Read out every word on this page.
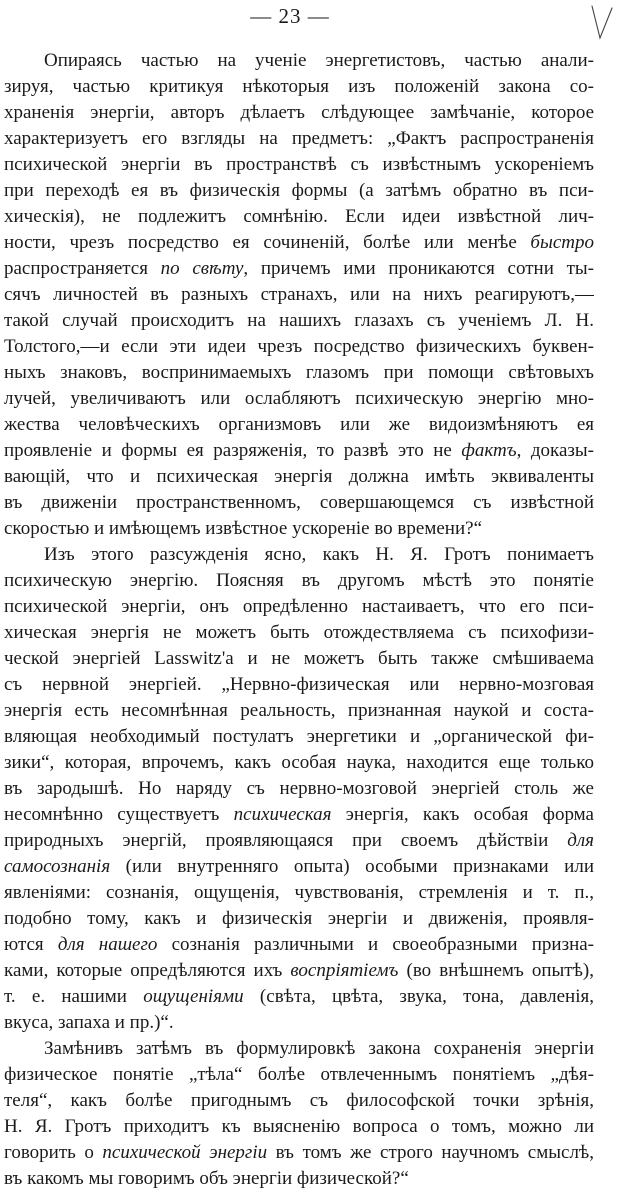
— 23 —
Опираясь частью на ученіе энергетистовъ, частью анали-
зируя, частью критикуя нѣкоторыя изъ положеній закона со-
храненія энергіи, авторъ дѣлаетъ слѣдующее замѣчаніе, которое
характеризуетъ его взгляды на предметъ: „Фактъ распространенія
психической энергіи въ пространствѣ съ извѣстнымъ ускореніемъ
при переходѣ ея въ физическія формы (а затѣмъ обратно въ пси-
хическія), не подлежитъ сомнѣнію. Если идеи извѣстной лич-
ности, чрезъ посредство ея сочиненій, болѣе или менѣе быстро
распространяется по свѣту, причемъ ими проникаются сотни ты-
сячъ личностей въ разныхъ странахъ, или на нихъ реагируютъ,—
такой случай происходитъ на нашихъ глазахъ съ ученіемъ Л. Н.
Толстого,—и если эти идеи чрезъ посредство физическихъ буквен-
ныхъ знаковъ, воспринимаемыхъ глазомъ при помощи свѣтовыхъ
лучей, увеличиваютъ или ослабляютъ психическую энергію мно-
жества человѣческихъ организмовъ или же видоизмѣняютъ ея
проявленіе и формы ея разряженія, то развѣ это не фактъ, доказы-
вающій, что и психическая энергія должна имѣть эквиваленты
въ движеніи пространственномъ, совершающемся съ извѣстной
скоростью и имѣющемъ извѣстное ускореніе во времени?“
Изъ этого разсужденія ясно, какъ Н. Я. Гротъ понимаетъ
психическую энергію. Поясняя въ другомъ мѣстѣ это понятіе
психической энергіи, онъ опредѣленно настаиваетъ, что его пси-
хическая энергія не можетъ быть отождествляема съ психофизи-
ческой энергіей Lasswitz'а и не можетъ быть также смѣшиваема
съ нервной энергіей. „Нервно-физическая или нервно-мозговая
энергія есть несомнѣнная реальность, признанная наукой и соста-
вляющая необходимый постулатъ энергетики и „органической фи-
зики“, которая, впрочемъ, какъ особая наука, находится еще только
въ зародышѣ. Но наряду съ нервно-мозговой энергіей столь же
несомнѣнно существуетъ психическая энергія, какъ особая форма
природныхъ энергій, проявляющаяся при своемъ дѣйствіи для
самосознанія (или внутренняго опыта) особыми признаками или
явленіями: сознанія, ощущенія, чувствованія, стремленія и т. п.,
подобно тому, какъ и физическія энергіи и движенія, проявля-
ются для нашего сознанія различными и своеобразными призна-
ками, которые опредѣляются ихъ воспріятіемъ (во внѣшнемъ опытѣ),
т. е. нашими ощущеніями (свѣта, цвѣта, звука, тона, давленія,
вкуса, запаха и пр.)“.
Замѣнивъ затѣмъ въ формулировкѣ закона сохраненія энергіи
физическое понятіе „тѣла“ болѣе отвлеченнымъ понятіемъ „дѣя-
теля“, какъ болѣе пригоднымъ съ философской точки зрѣнія,
Н. Я. Гротъ приходитъ къ выясненію вопроса о томъ, можно ли
говорить о психической энергіи въ томъ же строго научномъ смыслѣ,
въ какомъ мы говоримъ объ энергіи физической?“
